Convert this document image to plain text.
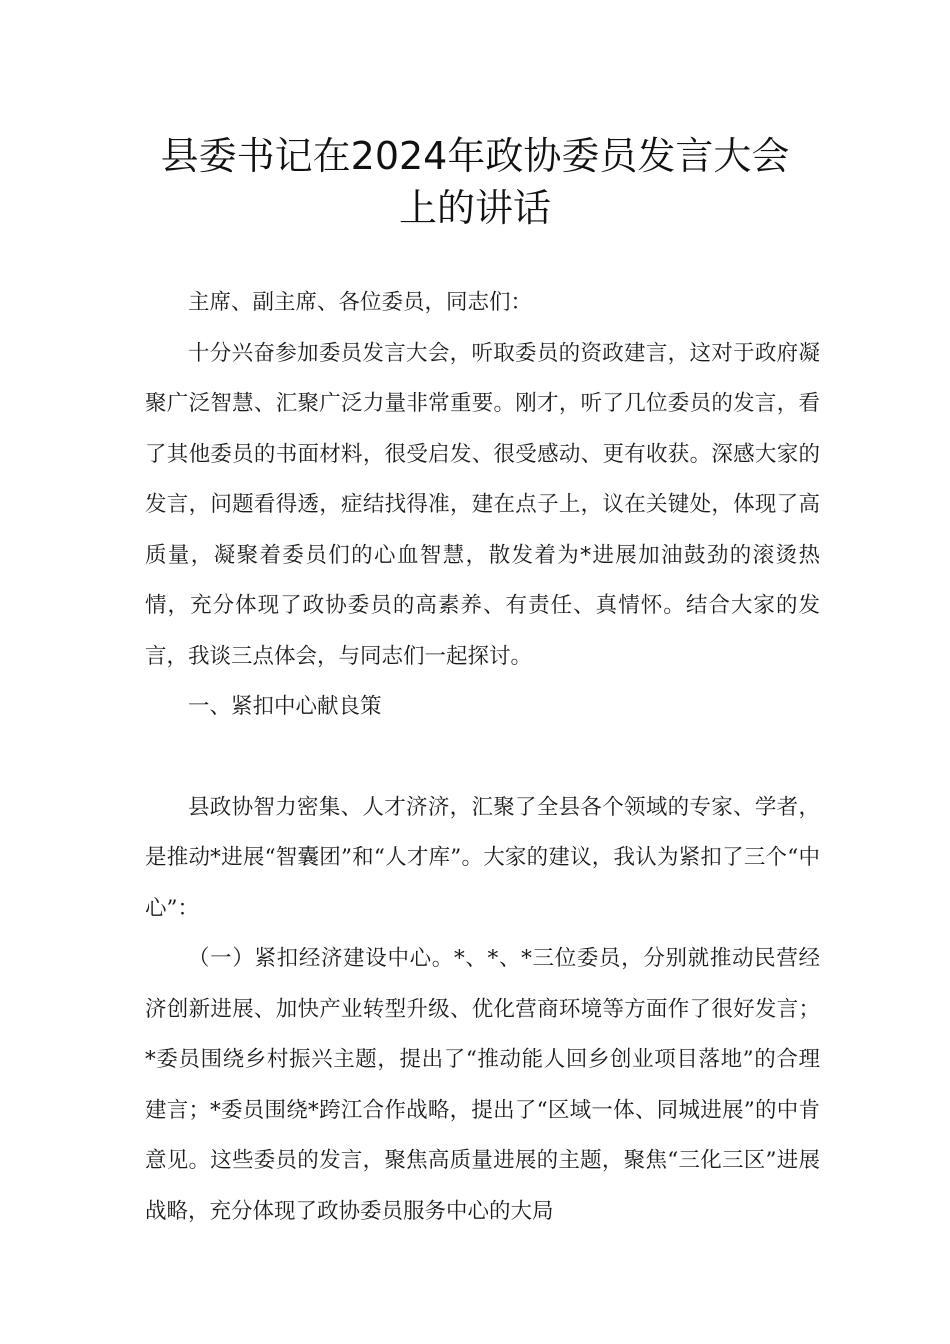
县委书记在2024年政协委员发言大会
上的讲话

主席、副主席、各位委员，同志们：

十分兴奋参加委员发言大会，听取委员的资政建言，这对于政府凝聚广泛智慧、汇聚广泛力量非常重要。刚才，听了几位委员的发言，看了其他委员的书面材料，很受启发、很受感动、更有收获。深感大家的发言，问题看得透，症结找得准，建在点子上，议在关键处，体现了高质量，凝聚着委员们的心血智慧，散发着为*进展加油鼓劲的滚烫热情，充分体现了政协委员的高素养、有责任、真情怀。结合大家的发言，我谈三点体会，与同志们一起探讨。

一、紧扣中心献良策

县政协智力密集、人才济济，汇聚了全县各个领域的专家、学者，是推动*进展“智囊团”和“人才库”。大家的建议，我认为紧扣了三个“中心”：

（一）紧扣经济建设中心。*、*、*三位委员，分别就推动民营经济创新进展、加快产业转型升级、优化营商环境等方面作了很好发言；*委员围绕乡村振兴主题，提出了“推动能人回乡创业项目落地”的合理建言；*委员围绕*跨江合作战略，提出了“区域一体、同城进展”的中肯意见。这些委员的发言，聚焦高质量进展的主题，聚焦“三化三区”进展战略，充分体现了政协委员服务中心的大局
